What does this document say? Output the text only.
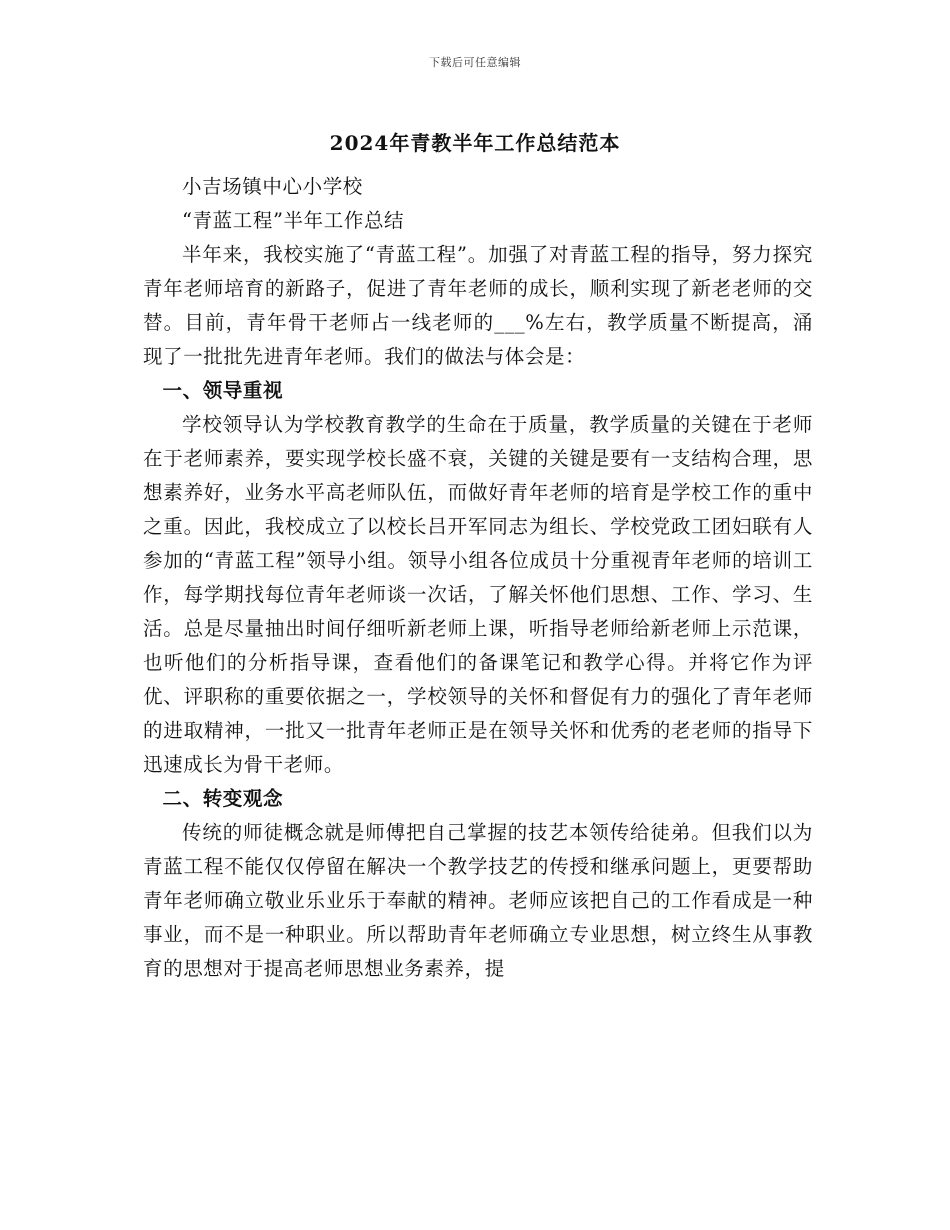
下载后可任意编辑
2024年青教半年工作总结范本

小吉场镇中心小学校

“青蓝工程”半年工作总结

半年来，我校实施了“青蓝工程”。加强了对青蓝工程的指导，努力探究青年老师培育的新路子，促进了青年老师的成长，顺利实现了新老老师的交替。目前，青年骨干老师占一线老师的___%左右，教学质量不断提高，涌现了一批批先进青年老师。我们的做法与体会是：

一、领导重视

学校领导认为学校教育教学的生命在于质量，教学质量的关键在于老师在于老师素养，要实现学校长盛不衰，关键的关键是要有一支结构合理，思想素养好，业务水平高老师队伍，而做好青年老师的培育是学校工作的重中之重。因此，我校成立了以校长吕开军同志为组长、学校党政工团妇联有人参加的“青蓝工程”领导小组。领导小组各位成员十分重视青年老师的培训工作，每学期找每位青年老师谈一次话，了解关怀他们思想、工作、学习、生活。总是尽量抽出时间仔细听新老师上课，听指导老师给新老师上示范课，也听他们的分析指导课，查看他们的备课笔记和教学心得。并将它作为评优、评职称的重要依据之一，学校领导的关怀和督促有力的强化了青年老师的进取精神，一批又一批青年老师正是在领导关怀和优秀的老老师的指导下迅速成长为骨干老师。

二、转变观念

传统的师徒概念就是师傅把自己掌握的技艺本领传给徒弟。但我们以为青蓝工程不能仅仅停留在解决一个教学技艺的传授和继承问题上，更要帮助青年老师确立敬业乐业乐于奉献的精神。老师应该把自己的工作看成是一种事业，而不是一种职业。所以帮助青年老师确立专业思想，树立终生从事教育的思想对于提高老师思想业务素养，提
